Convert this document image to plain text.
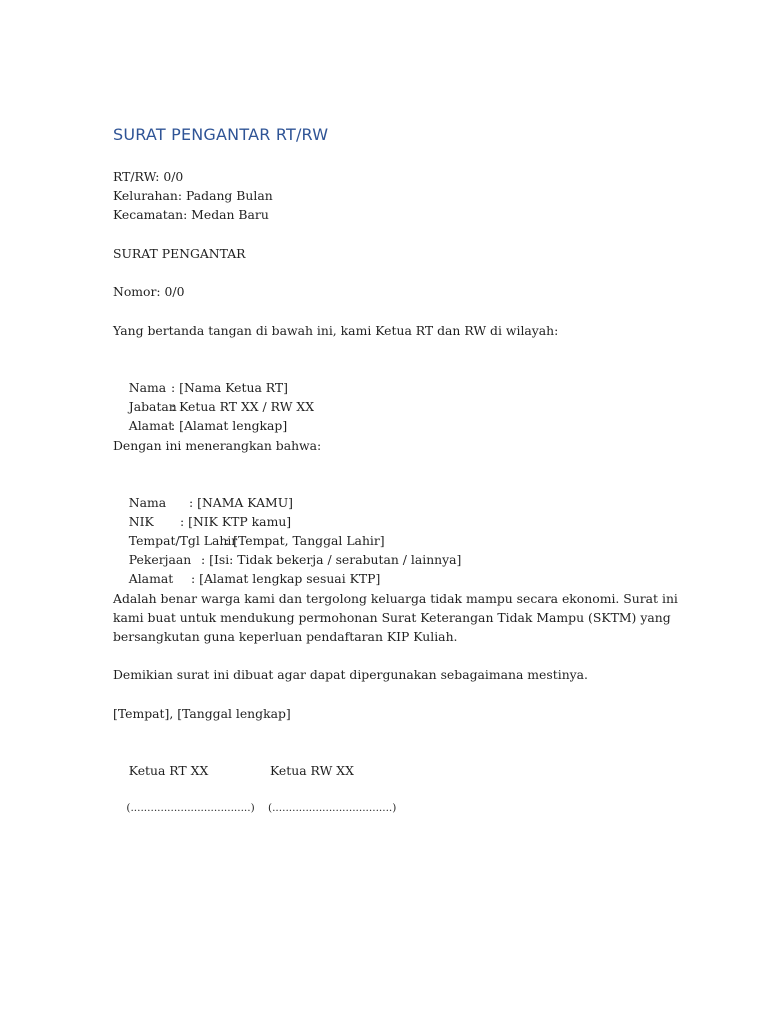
SURAT PENGANTAR RT/RW
RT/RW: 0/0
Kelurahan: Padang Bulan
Kecamatan: Medan Baru
SURAT PENGANTAR
Nomor: 0/0
Yang bertanda tangan di bawah ini, kami Ketua RT dan RW di wilayah:

Nama : [Nama Ketua RT]

Jabatan
: Ketua RT XX / RW XX

Alamat
: [Alamat lengkap]

Dengan ini menerangkan bahwa:

Nama : [NAMA KAMU]

NIK : [NIK KTP kamu]

Tempat/Tgl Lahir
: [Tempat, Tanggal Lahir]

Pekerjaan : [Isi: Tidak bekerja / serabutan / lainnya]

Alamat : [Alamat lengkap sesuai KTP]

Adalah benar warga kami dan tergolong keluarga tidak mampu secara ekonomi. Surat ini
kami buat untuk mendukung permohonan Surat Keterangan Tidak Mampu (SKTM) yang
bersangkutan guna keperluan pendaftaran KIP Kuliah.
Demikian surat ini dibuat agar dapat dipergunakan sebagaimana mestinya.
[Tempat], [Tanggal lengkap]

Ketua RT XX	Ketua RW XX

(....................................) (....................................)
